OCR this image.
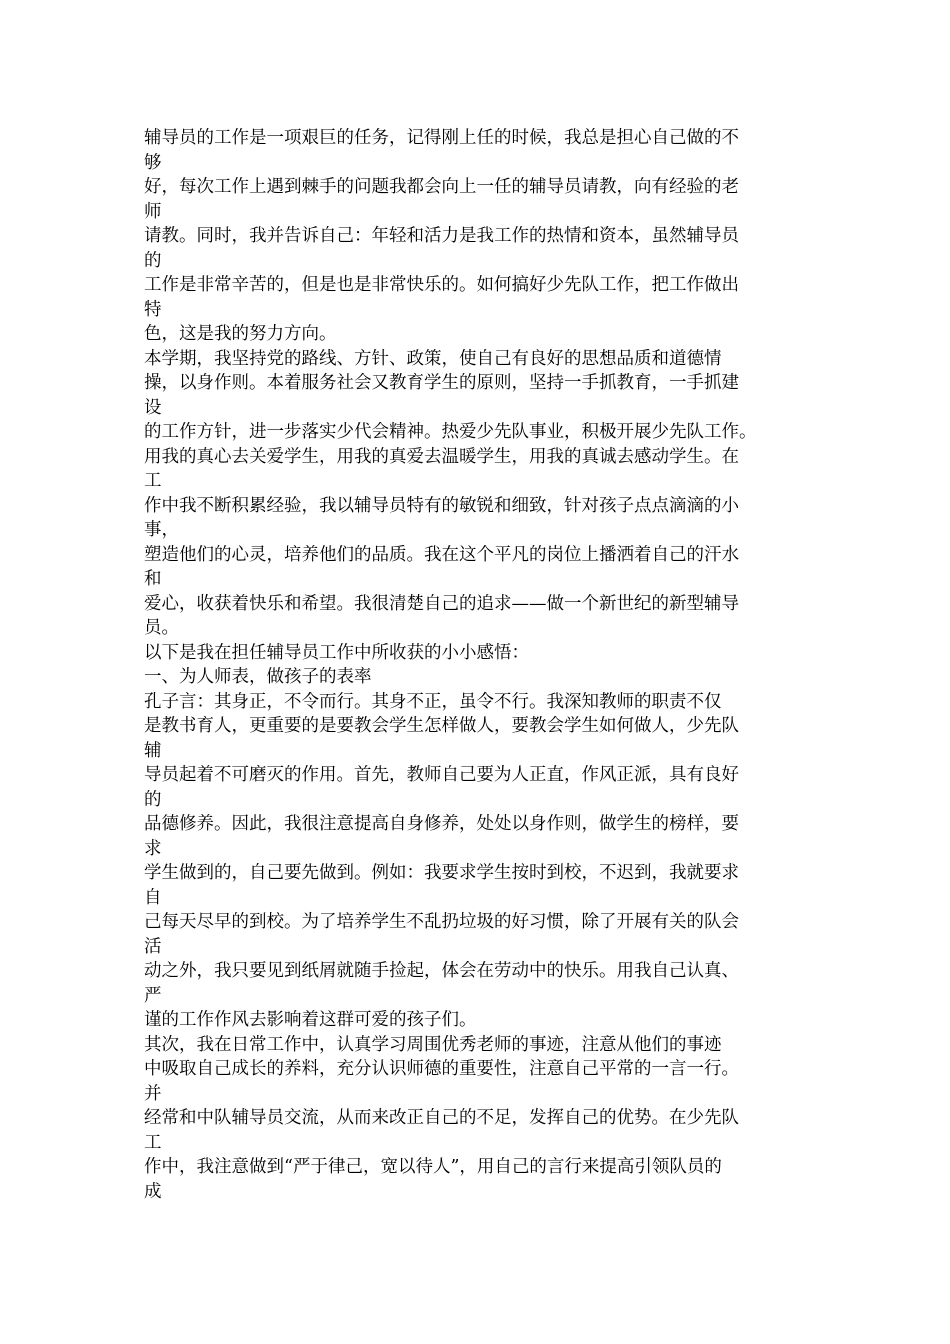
辅导员的工作是一项艰巨的任务，记得刚上任的时候，我总是担心自己做的不
够
好，每次工作上遇到棘手的问题我都会向上一任的辅导员请教，向有经验的老
师
请教。同时，我并告诉自己：年轻和活力是我工作的热情和资本，虽然辅导员
的
工作是非常辛苦的，但是也是非常快乐的。如何搞好少先队工作，把工作做出
特
色，这是我的努力方向。
本学期，我坚持党的路线、方针、政策，使自己有良好的思想品质和道德情
操，以身作则。本着服务社会又教育学生的原则，坚持一手抓教育，一手抓建
设
的工作方针，进一步落实少代会精神。热爱少先队事业，积极开展少先队工作。
用我的真心去关爱学生，用我的真爱去温暖学生，用我的真诚去感动学生。在
工
作中我不断积累经验，我以辅导员特有的敏锐和细致，针对孩子点点滴滴的小
事，
塑造他们的心灵，培养他们的品质。我在这个平凡的岗位上播洒着自己的汗水
和
爱心，收获着快乐和希望。我很清楚自己的追求——做一个新世纪的新型辅导
员。
以下是我在担任辅导员工作中所收获的小小感悟：
一、为人师表，做孩子的表率
孔子言：其身正，不令而行。其身不正，虽令不行。我深知教师的职责不仅
是教书育人，更重要的是要教会学生怎样做人，要教会学生如何做人，少先队
辅
导员起着不可磨灭的作用。首先，教师自己要为人正直，作风正派，具有良好
的
品德修养。因此，我很注意提高自身修养，处处以身作则，做学生的榜样，要
求
学生做到的，自己要先做到。例如：我要求学生按时到校，不迟到，我就要求
自
己每天尽早的到校。为了培养学生不乱扔垃圾的好习惯，除了开展有关的队会
活
动之外，我只要见到纸屑就随手捡起，体会在劳动中的快乐。用我自己认真、
严
谨的工作作风去影响着这群可爱的孩子们。
其次，我在日常工作中，认真学习周围优秀老师的事迹，注意从他们的事迹
中吸取自己成长的养料，充分认识师德的重要性，注意自己平常的一言一行。
并
经常和中队辅导员交流，从而来改正自己的不足，发挥自己的优势。在少先队
工
作中，我注意做到“严于律己，宽以待人”，用自己的言行来提高引领队员的
成
